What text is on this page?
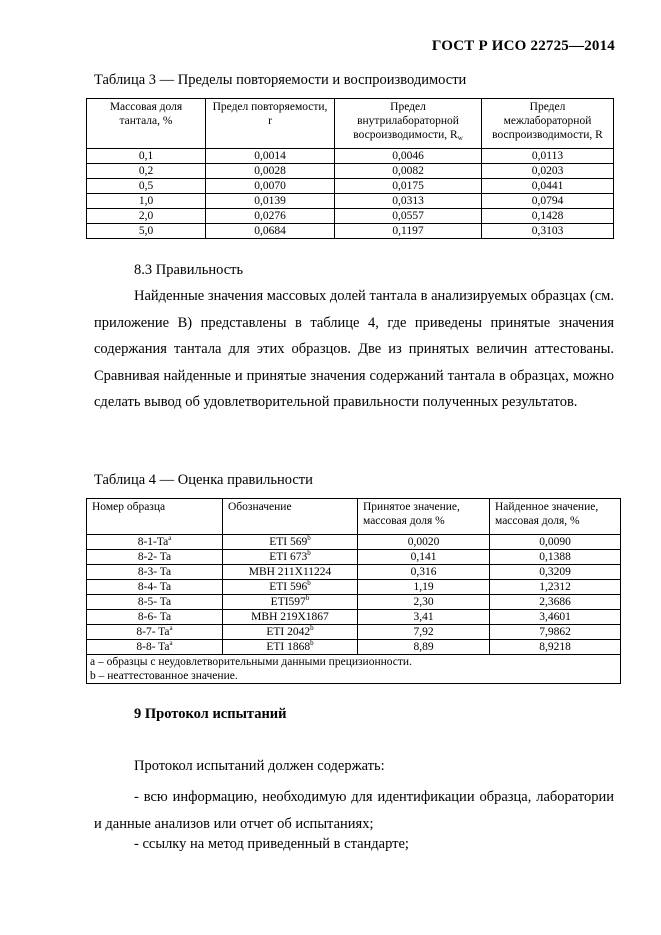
ГОСТ Р ИСО 22725—2014
Таблица 3 — Пределы повторяемости и воспроизводимости
Массовая доля тантала, %	Предел повторяемости, r	Предел внутрилабораторной восроизводимости, $R_w$	Предел межлабораторной воспроизводимости, R
0,1	0,0014	0,0046	0,0113
0,2	0,0028	0,0082	0,0203
0,5	0,0070	0,0175	0,0441
1,0	0,0139	0,0313	0,0794
2,0	0,0276	0,0557	0,1428
5,0	0,0684	0,1197	0,3103
8.3 Правильность
Найденные значения массовых долей тантала в анализируемых образцах (см. приложение В) представлены в таблице 4, где приведены принятые значения содержания тантала для этих образцов. Две из принятых величин аттестованы. Сравнивая найденные и принятые значения содержаний тантала в образцах, можно сделать вывод об удовлетворительной правильности полученных результатов.
Таблица 4 — Оценка правильности
Номер образца	Обозначение	Принятое значение, массовая доля %	Найденное значение, массовая доля, %
8-1-Ta$^a$	ETI 569$^b$	0,0020	0,0090
8-2- Ta	ETI 673$^b$	0,141	0,1388
8-3- Ta	MBH 211X11224	0,316	0,3209
8-4- Ta	ETI 596$^b$	1,19	1,2312
8-5- Ta	ETI597$^b$	2,30	2,3686
8-6- Ta	MBH 219X1867	3,41	3,4601
8-7- Ta$^a$	ETI 2042$^b$	7,92	7,9862
8-8- Ta$^a$	ETI 1868$^b$	8,89	8,9218
а – образцы с неудовлетворительными данными прецизионности.			
b – неаттестованное значение.			
9 Протокол испытаний
Протокол испытаний должен содержать:
- всю информацию, необходимую для идентификации образца, лаборатории и данные анализов или отчет об испытаниях;
- ссылку на метод приведенный в стандарте;
